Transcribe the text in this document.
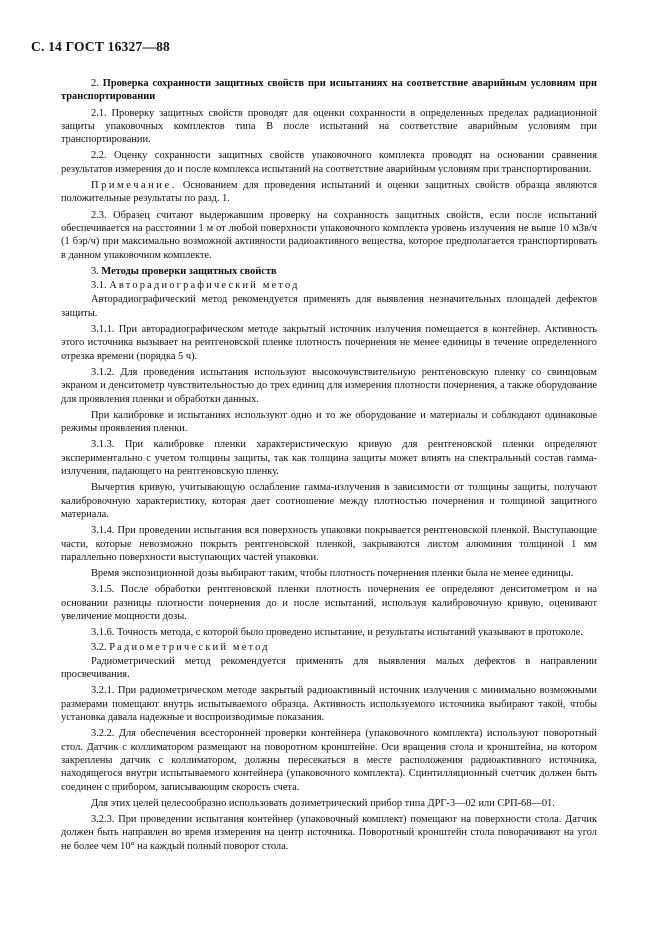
С. 14 ГОСТ 16327—88

2. Проверка сохранности защитных свойств при испытаниях на соответствие аварийным условиям при транспортировании

2.1. Проверку защитных свойств проводят для оценки сохранности в определенных пределах радиационной защиты упаковочных комплектов типа В после испытаний на соответствие аварийным условиям при транспортировании.

2.2. Оценку сохранности защитных свойств упаковочного комплекта проводят на основании сравнения результатов измерения до и после комплекса испытаний на соответствие аварийным условиям при транспортировании.

Примечание. Основанием для проведения испытаний и оценки защитных свойств образца являются положительные результаты по разд. 1.

2.3. Образец считают выдержавшим проверку на сохранность защитных свойств, если после испытаний обеспечивается на расстоянии 1 м от любой поверхности упаковочного комплекта уровень излучения не выше 10 мЗв/ч (1 бэр/ч) при максимально возможной активности радиоактивного вещества, которое предполагается транспортировать в данном упаковочном комплекте.

3. Методы проверки защитных свойств

3.1. Авторадиографический метод

Авторадиографический метод рекомендуется применять для выявления незначительных площадей дефектов защиты.

3.1.1. При авторадиографическом методе закрытый источник излучения помещается в контейнер. Активность этого источника вызывает на рентгеновской пленке плотность почернения не менее единицы в течение определенного отрезка времени (порядка 5 ч).

3.1.2. Для проведения испытания используют высокочувствительную рентгеновскую пленку со свинцовым экраном и денситометр чувствительностью до трех единиц для измерения плотности почернения, а также оборудование для проявления пленки и обработки данных.

При калибровке и испытаниях используют одно и то же оборудование и материалы и соблюдают одинаковые режимы проявления пленки.

3.1.3. При калибровке пленки характеристическую кривую для рентгеновской пленки определяют экспериментально с учетом толщины защиты, так как толщина защиты может влиять на спектральный состав гамма-излучения, падающего на рентгеновскую пленку.

Вычертив кривую, учитывающую ослабление гамма-излучения в зависимости от толщины защиты, получают калибровочную характеристику, которая дает соотношение между плотностью почернения и толщиной защитного материала.

3.1.4. При проведении испытания вся поверхность упаковки покрывается рентгеновской пленкой. Выступающие части, которые невозможно покрыть рентгеновской пленкой, закрываются листом алюминия толщиной 1 мм параллельно поверхности выступающих частей упаковки.

Время экспозиционной дозы выбирают таким, чтобы плотность почернения пленки была не менее единицы.

3.1.5. После обработки рентгеновской пленки плотность почернения ее определяют денситометром и на основании разницы плотности почернения до и после испытаний, используя калибровочную кривую, оценивают увеличение мощности дозы.

3.1.6. Точность метода, с которой было проведено испытание, и результаты испытаний указывают в протоколе.

3.2. Радиометрический метод

Радиометрический метод рекомендуется применять для выявления малых дефектов в направлении просвечивания.

3.2.1. При радиометрическом методе закрытый радиоактивный источник излучения с минимально возможными размерами помещают внутрь испытываемого образца. Активность используемого источника выбирают такой, чтобы установка давала надежные и воспроизводимые показания.

3.2.2. Для обеспечения всесторонней проверки контейнера (упаковочного комплекта) используют поворотный стол. Датчик с коллиматором размещают на поворотном кронштейне. Оси вращения стола и кронштейна, на котором закреплены датчик с коллиматором, должны пересекаться в месте расположения радиоактивного источника, находящегося внутри испытываемого контейнера (упаковочного комплекта). Сцинтилляционный счетчик должен быть соединен с прибором, записывающим скорость счета.

Для этих целей целесообразно использовать дозиметрический прибор типа ДРГ-3—02 или СРП-68—01.

3.2.3. При проведении испытания контейнер (упаковочный комплект) помещают на поверхности стола. Датчик должен быть направлен во время измерения на центр источника. Поворотный кронштейн стола поворачивают на угол не более чем 10° на каждый полный поворот стола.
